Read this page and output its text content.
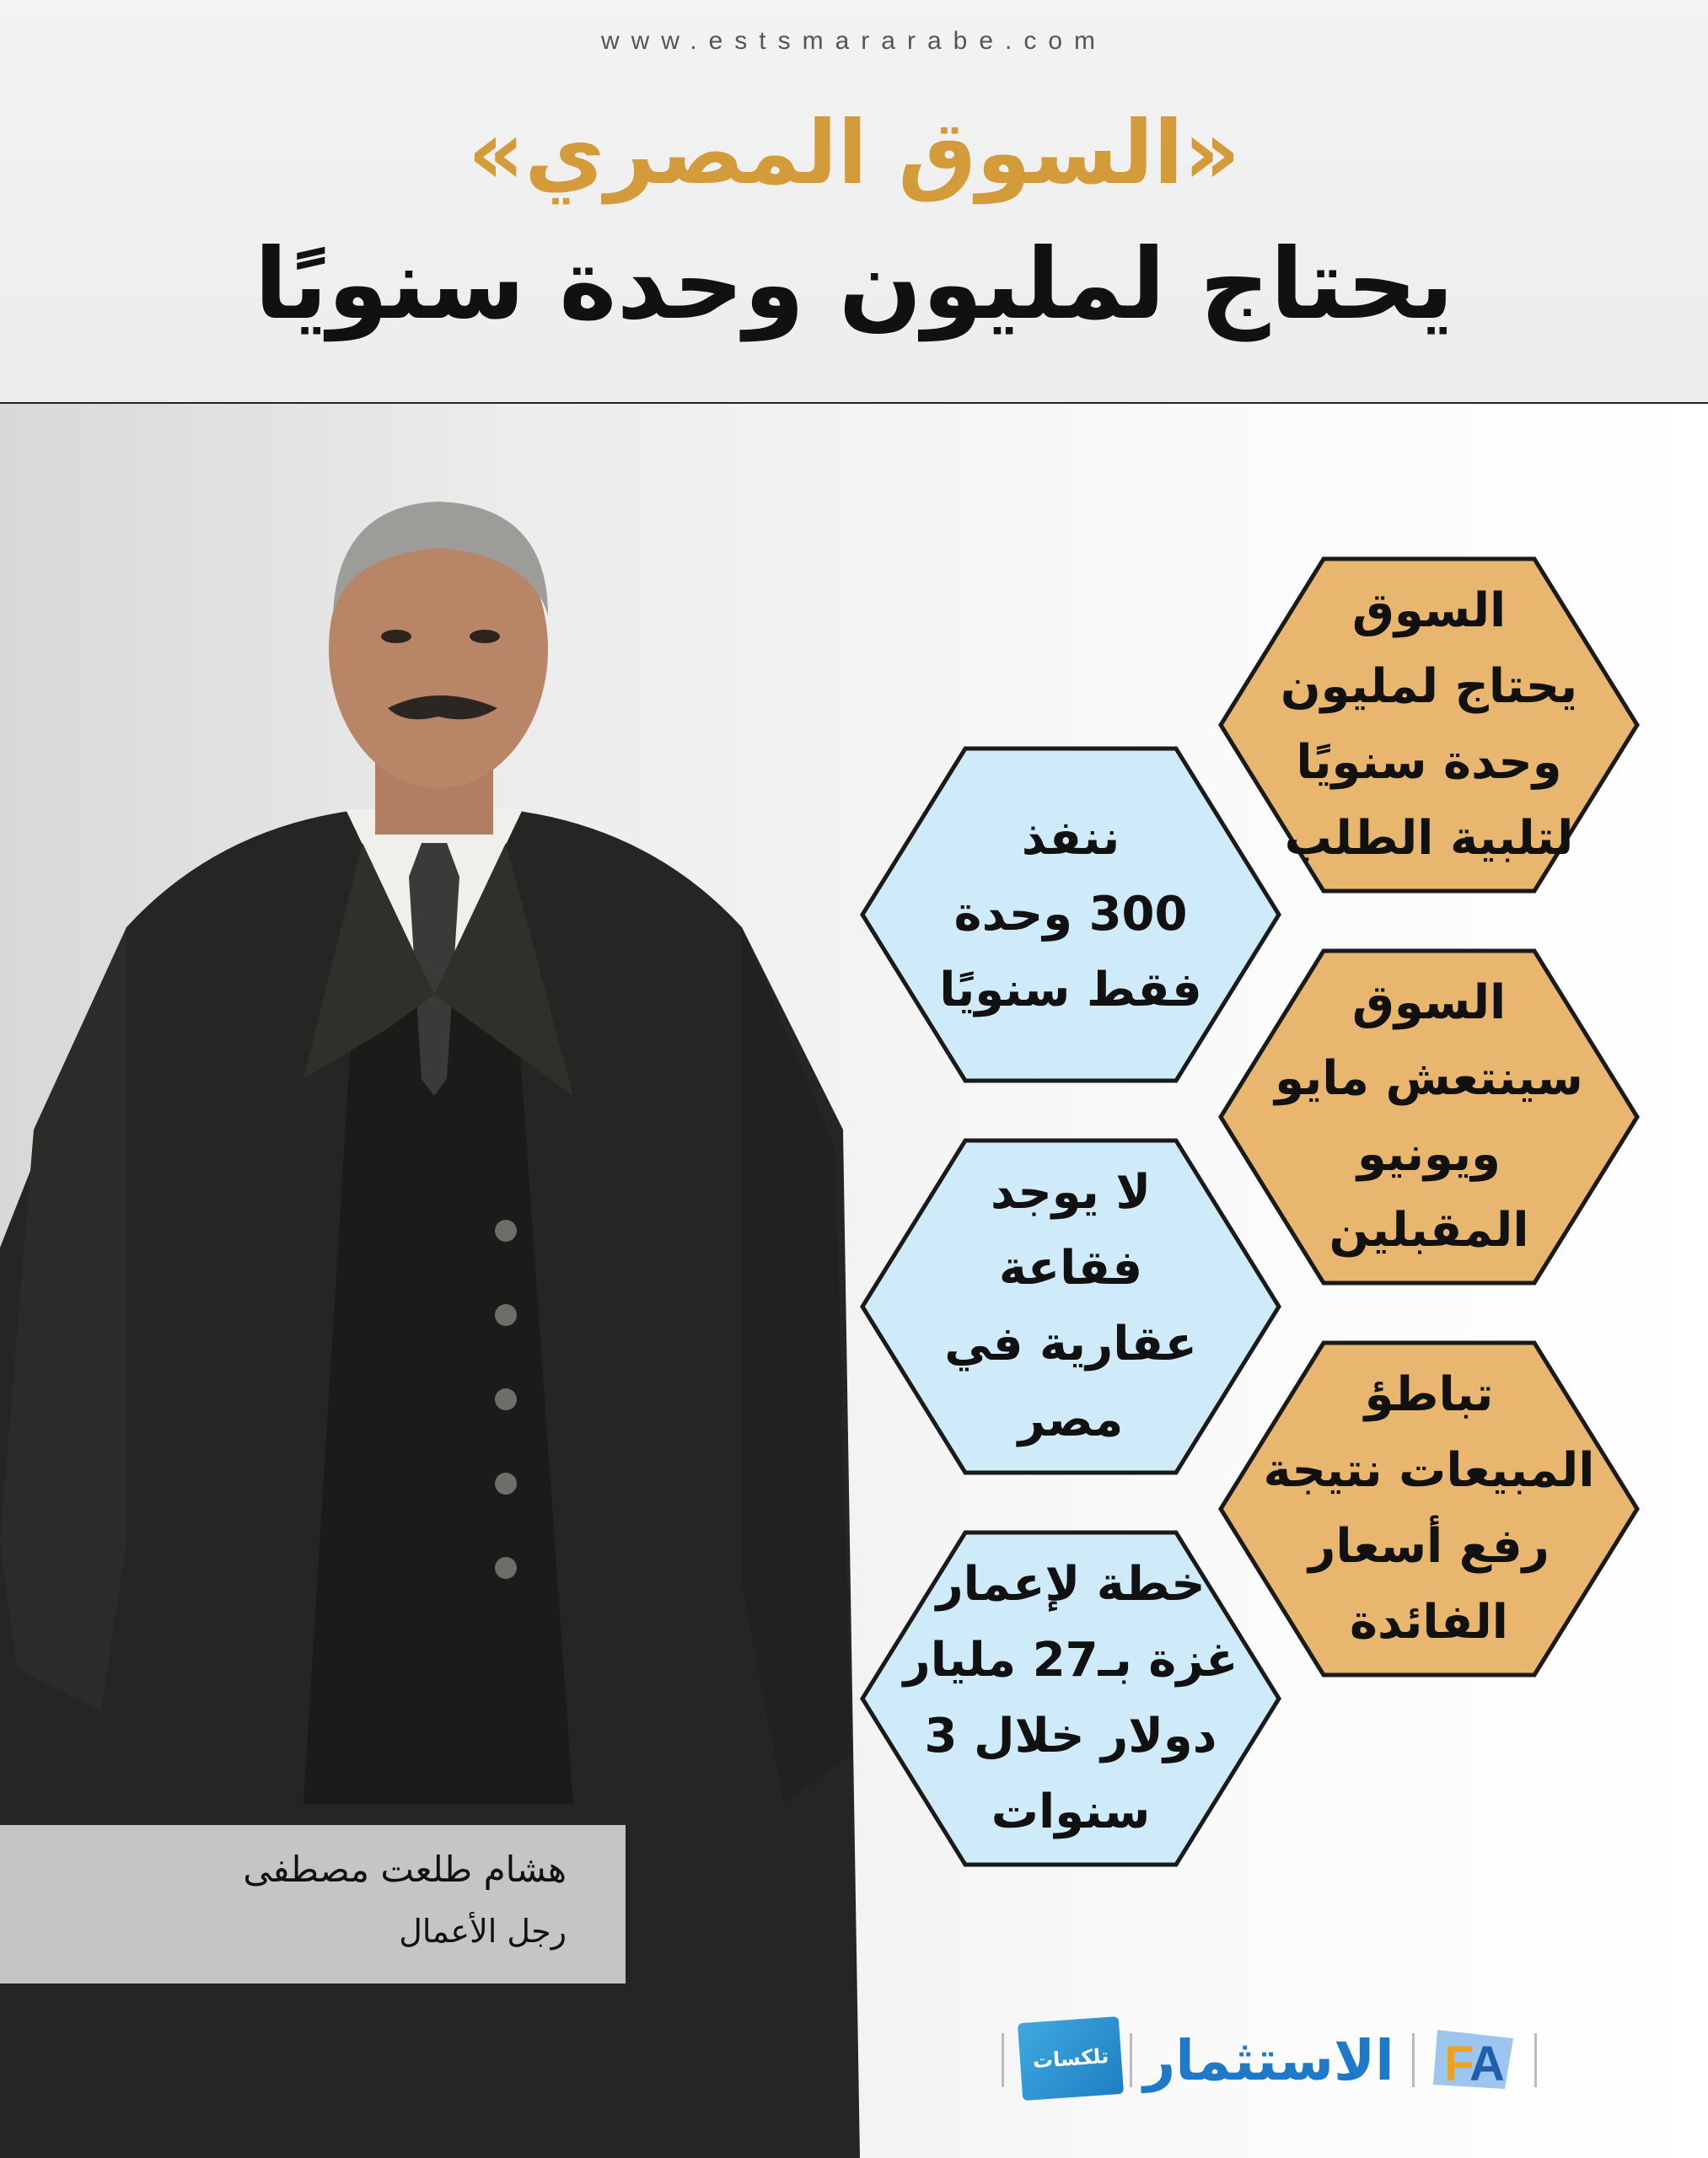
www.estsmararabe.com
«السوق المصري»
يحتاج لمليون وحدة سنويًا
هشام طلعت مصطفى
رجل الأعمال
السوق
يحتاج لمليون
وحدة سنويًا
لتلبية الطلب
السوق
سينتعش مايو
ويونيو
المقبلين
تباطؤ
المبيعات نتيجة
رفع أسعار
الفائدة
ننفذ
300 وحدة
فقط سنويًا
لا يوجد
فقاعة
عقارية في
مصر
خطة لإعمار
غزة بـ27 مليار
دولار خلال 3
سنوات
تلكسات الاستثمار F
A
